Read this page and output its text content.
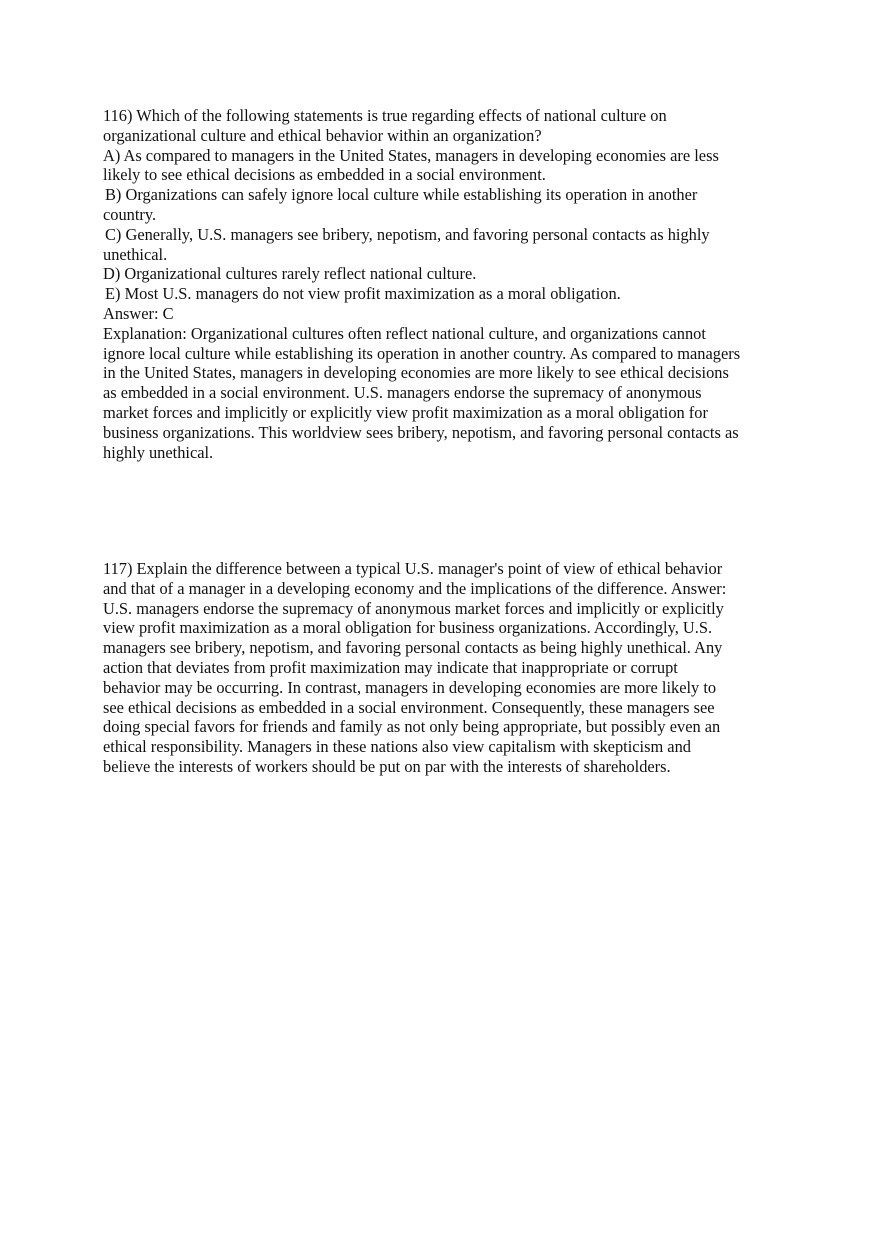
116) Which of the following statements is true regarding effects of national culture on
organizational culture and ethical behavior within an organization?
A) As compared to managers in the United States, managers in developing economies are less
likely to see ethical decisions as embedded in a social environment.
B) Organizations can safely ignore local culture while establishing its operation in another
country.
C) Generally, U.S. managers see bribery, nepotism, and favoring personal contacts as highly
unethical.
D) Organizational cultures rarely reflect national culture.
E) Most U.S. managers do not view profit maximization as a moral obligation.
Answer: C
Explanation: Organizational cultures often reflect national culture, and organizations cannot
ignore local culture while establishing its operation in another country. As compared to managers
in the United States, managers in developing economies are more likely to see ethical decisions
as embedded in a social environment. U.S. managers endorse the supremacy of anonymous
market forces and implicitly or explicitly view profit maximization as a moral obligation for
business organizations. This worldview sees bribery, nepotism, and favoring personal contacts as
highly unethical.
117) Explain the difference between a typical U.S. manager's point of view of ethical behavior
and that of a manager in a developing economy and the implications of the difference. Answer:
U.S. managers endorse the supremacy of anonymous market forces and implicitly or explicitly
view profit maximization as a moral obligation for business organizations. Accordingly, U.S.
managers see bribery, nepotism, and favoring personal contacts as being highly unethical. Any
action that deviates from profit maximization may indicate that inappropriate or corrupt
behavior may be occurring. In contrast, managers in developing economies are more likely to
see ethical decisions as embedded in a social environment. Consequently, these managers see
doing special favors for friends and family as not only being appropriate, but possibly even an
ethical responsibility. Managers in these nations also view capitalism with skepticism and
believe the interests of workers should be put on par with the interests of shareholders.
